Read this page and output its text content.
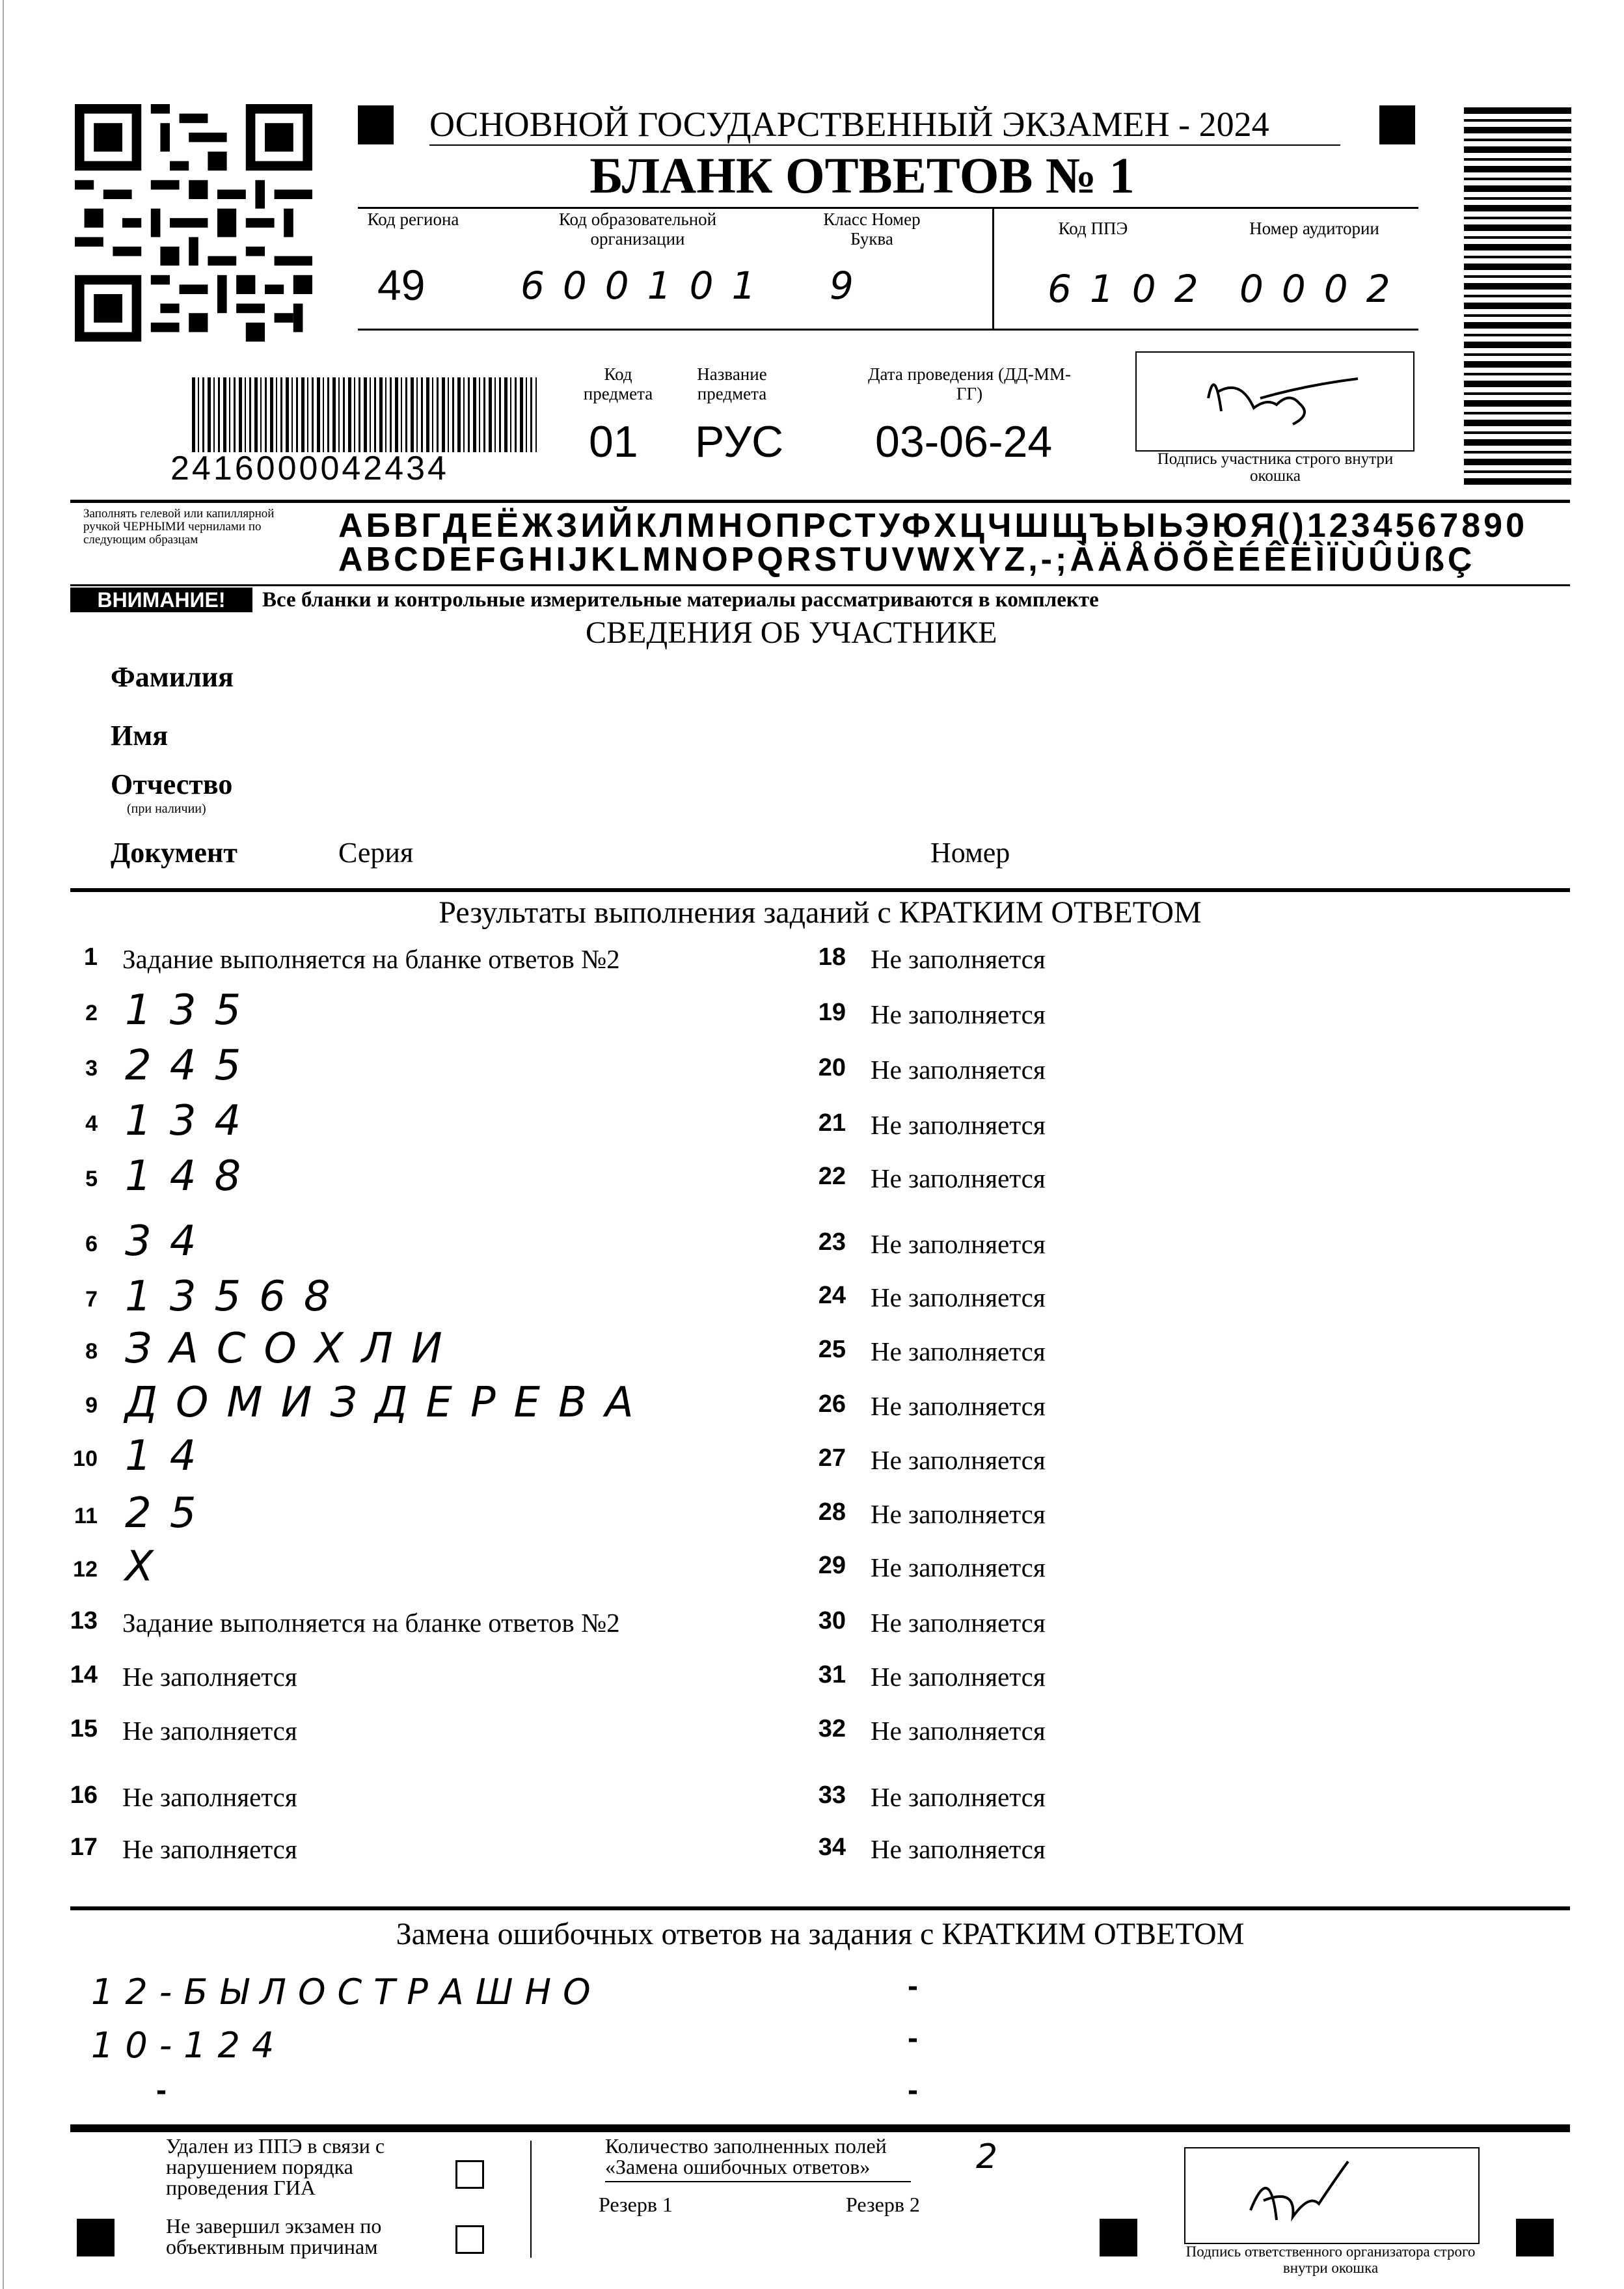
ОСНОВНОЙ ГОСУДАРСТВЕННЫЙ ЭКЗАМЕН - 2024
БЛАНК ОТВЕТОВ № 1
Код региона	Код образовательной организации
Класс Номер Буква
Код ППЭ	Номер аудитории
49	600101 9	6102 0002
2416000042434
Код предмета
Название предмета
Дата проведения (ДД-ММ-ГГ)
01 РУС 03-06-24	Подпись участника строго внутри окошка
Заполнять гелевой или капиллярной ручкой ЧЕРНЫМИ чернилами по следующим образцам	АБВГДЕЁЖЗИЙКЛМНОПРСТУФХЦЧШЩЪЫЬЭЮЯ()1234567890
ABCDEFGHIJKLMNOPQRSTUVWXYZ,-;ÀÄÅÖÕÈÉÊËÌÏÙÛÜßÇ
ВНИМАНИЕ!	Все бланки и контрольные измерительные материалы рассматриваются в комплекте
СВЕДЕНИЯ ОБ УЧАСТНИКЕ
Фамилия
Имя
Отчество
(при наличии)
Документ	Серия	Номер
Результаты выполнения заданий с КРАТКИМ ОТВЕТОМ
1 Задание выполняется на бланке ответов №2
2 135
3 245
4 134
5 148
6 34
7 13568
8 ЗАСОХЛИ
9 ДОМИЗДЕРЕВА
10 14
11 25
12 Х
13 Задание выполняется на бланке ответов №2
14 Не заполняется
15 Не заполняется
16 Не заполняется
17 Не заполняется
18 Не заполняется
19 Не заполняется
20 Не заполняется
21 Не заполняется
22 Не заполняется
23 Не заполняется
24 Не заполняется
25 Не заполняется
26 Не заполняется
27 Не заполняется
28 Не заполняется
29 Не заполняется
30 Не заполняется
31 Не заполняется
32 Не заполняется
33 Не заполняется
34 Не заполняется
Замена ошибочных ответов на задания с КРАТКИМ ОТВЕТОМ
12-БЫЛОСТРАШНО
10-124
-
-
-
-
Удален из ППЭ в связи с нарушением порядка проведения ГИА
Не завершил экзамен по объективным причинам
Количество заполненных полей «Замена ошибочных ответов»	2
Резерв 1	Резерв 2
Подпись ответственного организатора строго внутри окошка
